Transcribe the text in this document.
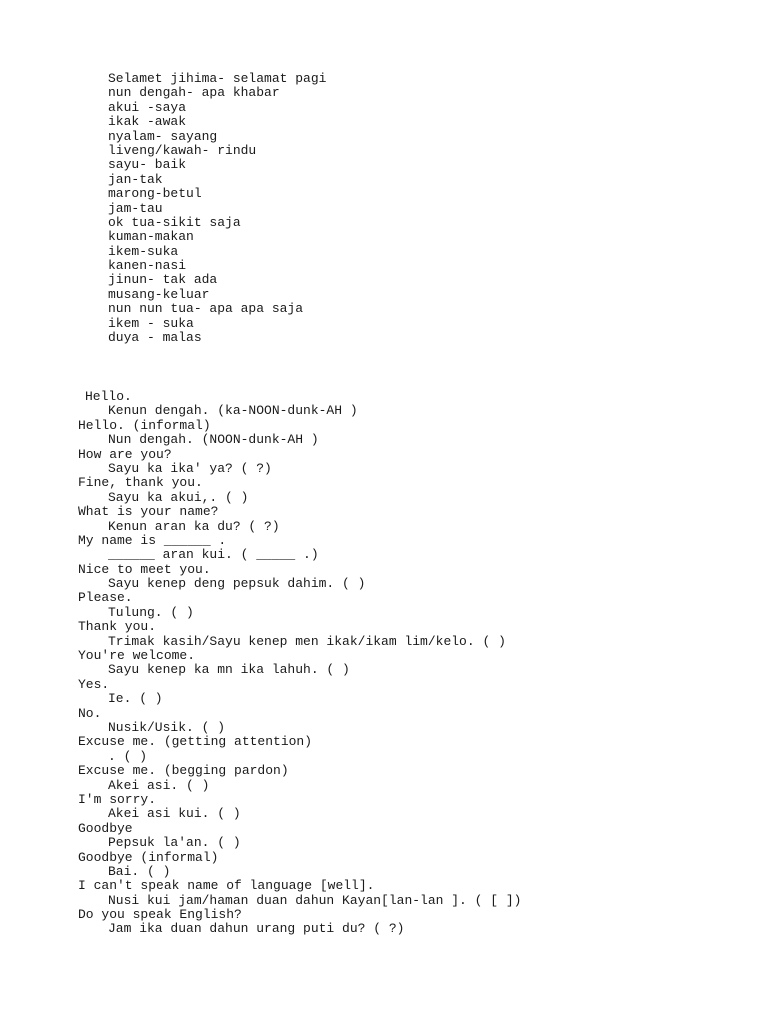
Selamet jihima- selamat pagi
nun dengah- apa khabar
akui -saya
ikak -awak
nyalam- sayang
liveng/kawah- rindu
sayu- baik
jan-tak
marong-betul
jam-tau
ok tua-sikit saja
kuman-makan
ikem-suka
kanen-nasi
jinun- tak ada
musang-keluar
nun nun tua- apa apa saja
ikem - suka
duya - malas
Hello.
Kenun dengah. (ka-NOON-dunk-AH )
Hello. (informal)
Nun dengah. (NOON-dunk-AH )
How are you?
Sayu ka ika' ya? ( ?)
Fine, thank you.
Sayu ka akui,. ( )
What is your name?
Kenun aran ka du? ( ?)
My name is ______ .
______ aran kui. ( _____ .)
Nice to meet you.
Sayu kenep deng pepsuk dahim. ( )
Please.
Tulung. ( )
Thank you.
Trimak kasih/Sayu kenep men ikak/ikam lim/kelo. ( )
You're welcome.
Sayu kenep ka mn ika lahuh. ( )
Yes.
Ie. ( )
No.
Nusik/Usik. ( )
Excuse me. (getting attention)
. ( )
Excuse me. (begging pardon)
Akei asi. ( )
I'm sorry.
Akei asi kui. ( )
Goodbye
Pepsuk la'an. ( )
Goodbye (informal)
Bai. ( )
I can't speak name of language [well].
Nusi kui jam/haman duan dahun Kayan[lan-lan ]. ( [ ])
Do you speak English?
Jam ika duan dahun urang puti du? ( ?)
